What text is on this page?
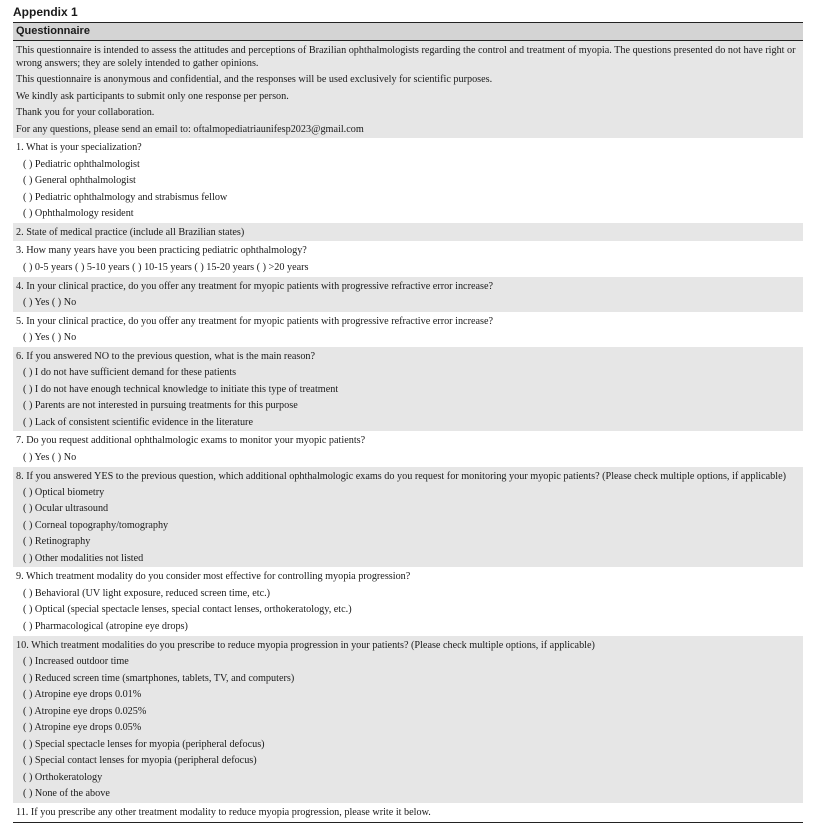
Appendix 1
Questionnaire
This questionnaire is intended to assess the attitudes and perceptions of Brazilian ophthalmologists regarding the control and treatment of myopia. The questions presented do not have right or wrong answers; they are solely intended to gather opinions.
This questionnaire is anonymous and confidential, and the responses will be used exclusively for scientific purposes.
We kindly ask participants to submit only one response per person.
Thank you for your collaboration.
For any questions, please send an email to: oftalmopediatriaunifesp2023@gmail.com
1. What is your specialization?
( ) Pediatric ophthalmologist
( ) General ophthalmologist
( ) Pediatric ophthalmology and strabismus fellow
( ) Ophthalmology resident
2. State of medical practice (include all Brazilian states)
3. How many years have you been practicing pediatric ophthalmology?
( ) 0-5 years ( ) 5-10 years ( ) 10-15 years ( ) 15-20 years ( ) >20 years
4. In your clinical practice, do you offer any treatment for myopic patients with progressive refractive error increase?
( ) Yes ( ) No
5. In your clinical practice, do you offer any treatment for myopic patients with progressive refractive error increase?
( ) Yes ( ) No
6. If you answered NO to the previous question, what is the main reason?
( ) I do not have sufficient demand for these patients
( ) I do not have enough technical knowledge to initiate this type of treatment
( ) Parents are not interested in pursuing treatments for this purpose
( ) Lack of consistent scientific evidence in the literature
7. Do you request additional ophthalmologic exams to monitor your myopic patients?
( ) Yes ( ) No
8. If you answered YES to the previous question, which additional ophthalmologic exams do you request for monitoring your myopic patients? (Please check multiple options, if applicable)
( ) Optical biometry
( ) Ocular ultrasound
( ) Corneal topography/tomography
( ) Retinography
( ) Other modalities not listed
9. Which treatment modality do you consider most effective for controlling myopia progression?
( ) Behavioral (UV light exposure, reduced screen time, etc.)
( ) Optical (special spectacle lenses, special contact lenses, orthokeratology, etc.)
( ) Pharmacological (atropine eye drops)
10. Which treatment modalities do you prescribe to reduce myopia progression in your patients? (Please check multiple options, if applicable)
( ) Increased outdoor time
( ) Reduced screen time (smartphones, tablets, TV, and computers)
( ) Atropine eye drops 0.01%
( ) Atropine eye drops 0.025%
( ) Atropine eye drops 0.05%
( ) Special spectacle lenses for myopia (peripheral defocus)
( ) Special contact lenses for myopia (peripheral defocus)
( ) Orthokeratology
( ) None of the above
11. If you prescribe any other treatment modality to reduce myopia progression, please write it below.
